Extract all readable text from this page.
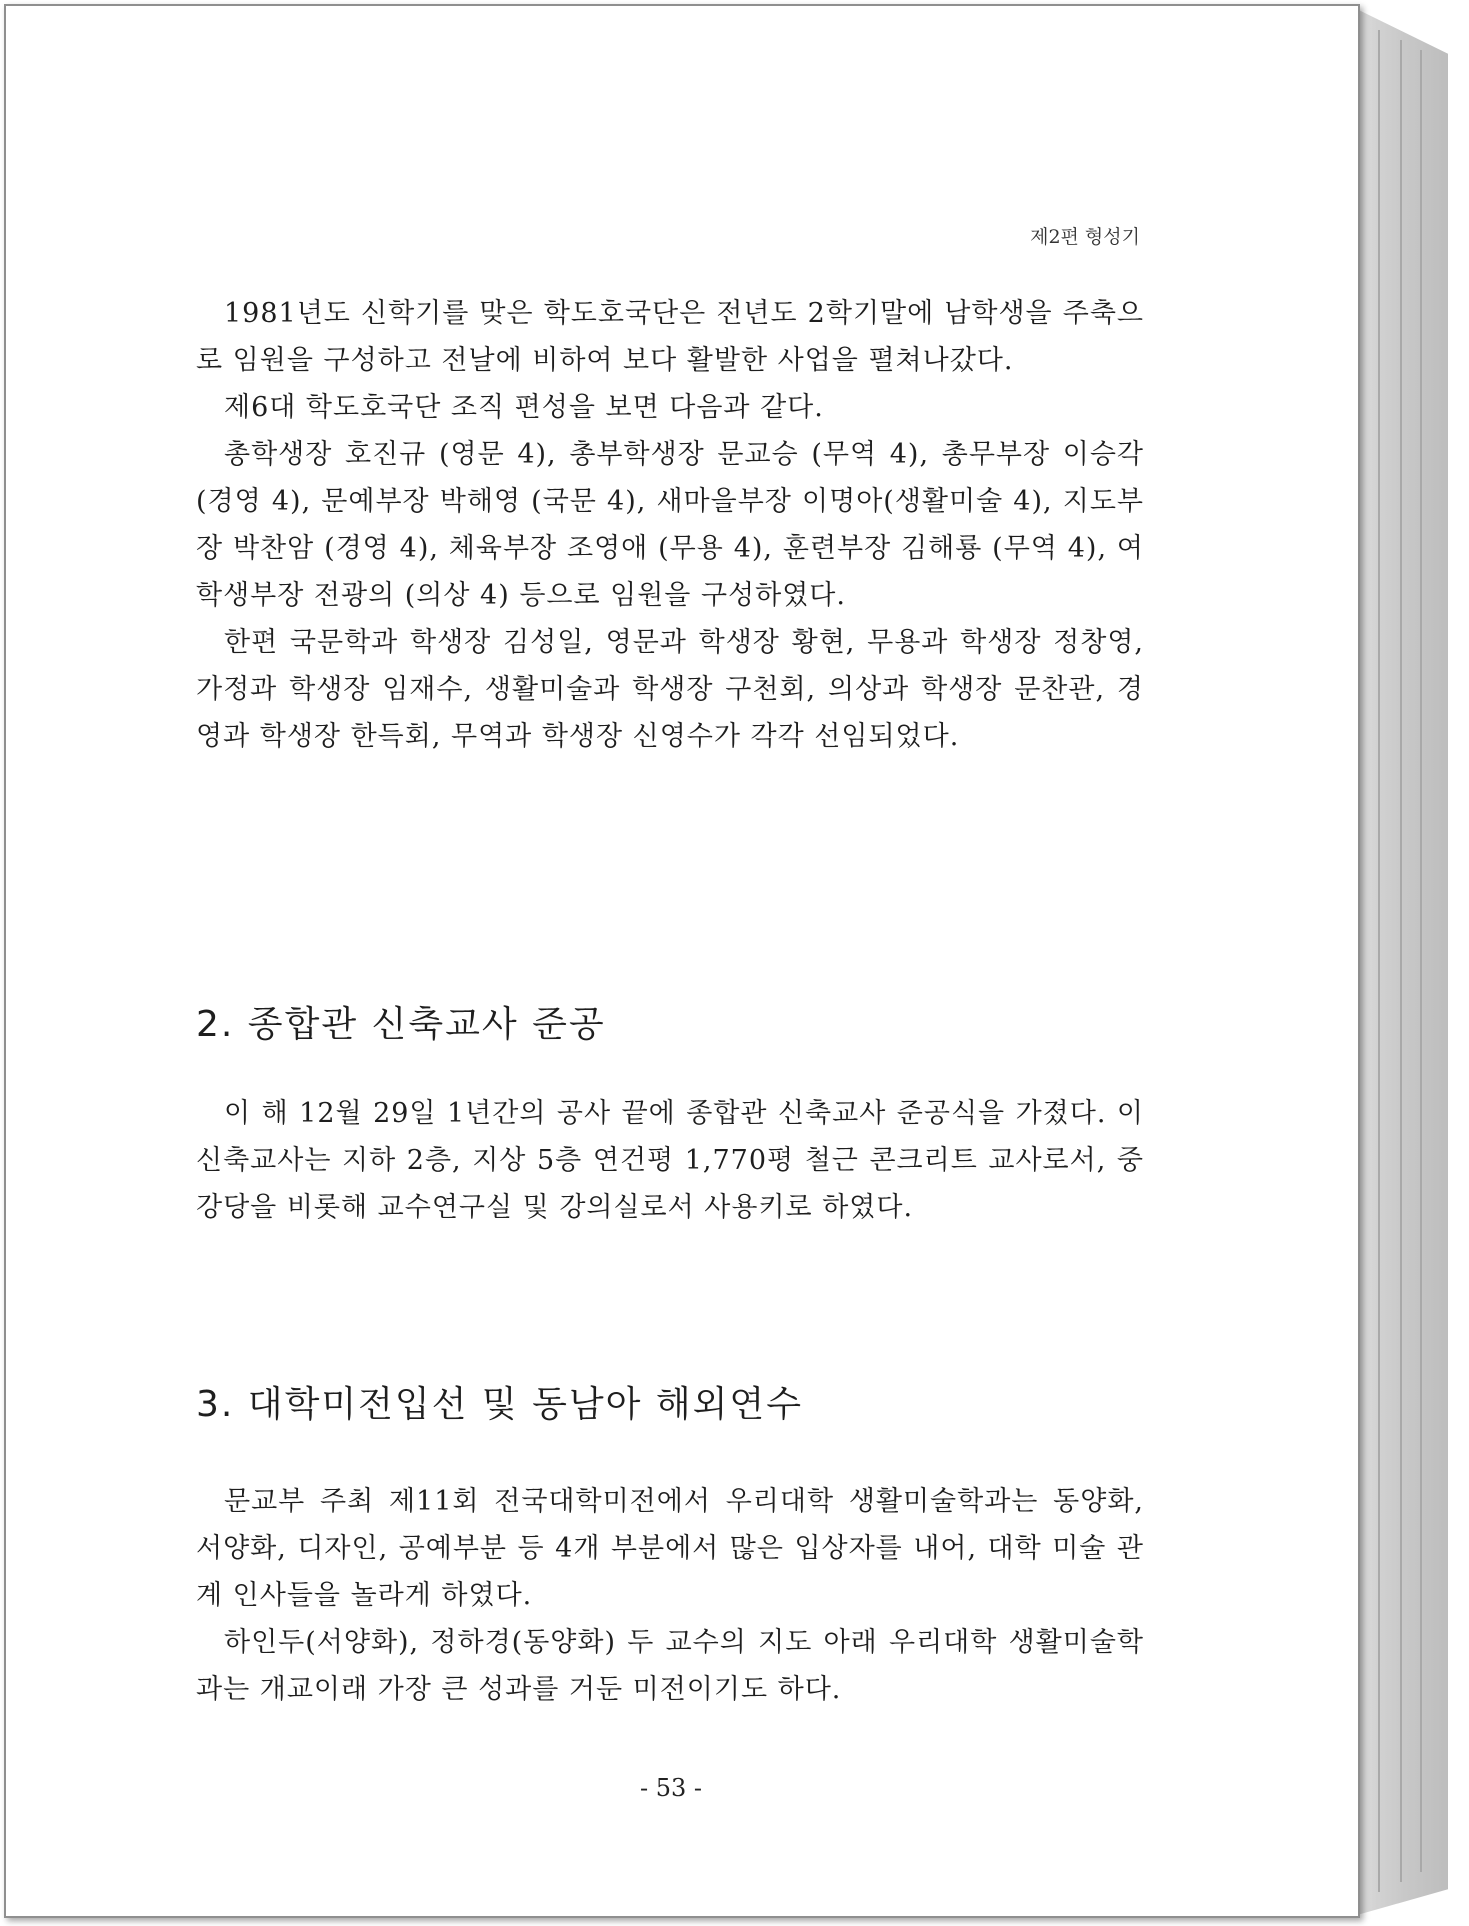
제2편 형성기

1981년도 신학기를 맞은 학도호국단은 전년도 2학기말에 남학생을 주축으로 임원을 구성하고 전날에 비하여 보다 활발한 사업을 펼쳐나갔다.

제6대 학도호국단 조직 편성을 보면 다음과 같다.

총학생장 호진규 (영문 4), 총부학생장 문교승 (무역 4), 총무부장 이승각 (경영 4), 문예부장 박해영 (국문 4), 새마을부장 이명아(생활미술 4), 지도부장 박찬암 (경영 4), 체육부장 조영애 (무용 4), 훈련부장 김해룡 (무역 4), 여학생부장 전광의 (의상 4) 등으로 임원을 구성하였다.

한편 국문학과 학생장 김성일, 영문과 학생장 황현, 무용과 학생장 정창영, 가정과 학생장 임재수, 생활미술과 학생장 구천회, 의상과 학생장 문찬관, 경영과 학생장 한득회, 무역과 학생장 신영수가 각각 선임되었다.

2. 종합관 신축교사 준공

이 해 12월 29일 1년간의 공사 끝에 종합관 신축교사 준공식을 가졌다. 이 신축교사는 지하 2층, 지상 5층 연건평 1,770평 철근 콘크리트 교사로서, 중강당을 비롯해 교수연구실 및 강의실로서 사용키로 하였다.

3. 대학미전입선 및 동남아 해외연수

문교부 주최 제11회 전국대학미전에서 우리대학 생활미술학과는 동양화, 서양화, 디자인, 공예부분 등 4개 부분에서 많은 입상자를 내어, 대학 미술 관계 인사들을 놀라게 하였다.

하인두(서양화), 정하경(동양화) 두 교수의 지도 아래 우리대학 생활미술학과는 개교이래 가장 큰 성과를 거둔 미전이기도 하다.

- 53 -
